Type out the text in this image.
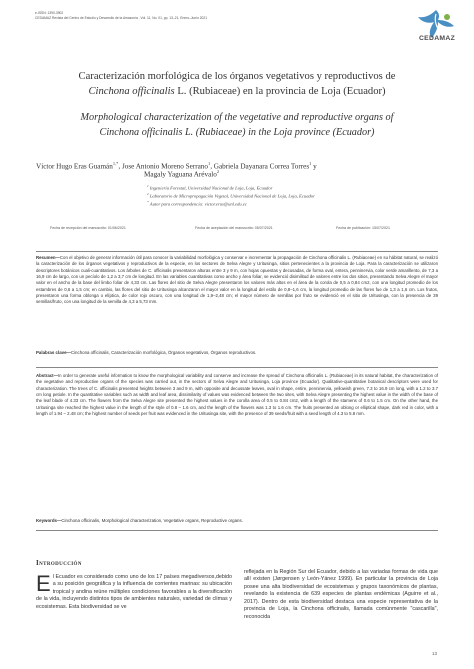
e-ISSN: 1390-3902
CEDAMAZ Revista del Centro de Estudio y Desarrollo de la Amazonía , Vol. 11, No. 01, pp. 13–21, Enero–Junio 2021
CEDAMAZ
Caracterización morfológica de los órganos vegetativos y reproductivos de
Cinchona officinalis L. (Rubiaceae) en la provincia de Loja (Ecuador)
Morphological characterization of the vegetative and reproductive organs of
Cinchona officinalis L. (Rubiaceae) in the Loja province (Ecuador)
Víctor Hugo Eras Guamán$^{1,*}$, Jose Antonio Moreno Serrano$^1$, Gabriela Dayanara Correa Torres$^1$ y
Magaly Yaguana Arévalo$^2$
$^1$ Ingeniería Forestal, Universidad Nacional de Loja, Loja, Ecuador
$^2$ Laboratorio de Micropropagación Vegetal, Universidad Nacional de Loja, Loja, Ecuador
* Autor para correspondencia: victor.eras@unl.edu.ec
Fecha de recepción del manuscrito: 01/06/2021	Fecha de aceptación del manuscrito: 05/07/2021	Fecha de publicación: 15/07/2021
Resumen—Con el objetivo de generar información útil para conocer la variabilidad morfológica y conservar e incrementar la propagación de Cinchona officinalis L. (Rubiaceae) en su hábitat natural, se realizó la caracterización de los órganos vegetativos y reproductivos de la especie, en los sectores de Selva Alegre y Uritusinga, sitios pertenecientes a la provincia de Loja. Para la caracterización se utilizaron descriptores botánicos cuali-cuantitativos. Los árboles de C. officinalis presentaron alturas entre 3 y 9 m, con hojas opuestas y decusadas, de forma oval, entera, penninervia, color verde amarillento, de 7,3 a 16,9 cm de largo, con un pecíolo de 1,2 a 3,7 cm de longitud. En las variables cuantitativas como ancho y área foliar, se evidenció disimilitud de valores entre los dos sitios, presentando Selva Alegre el mayor valor en el ancho de la base del limbo foliar de 4,33 cm. Las flores del sitio de Selva Alegre presentaron los valores más altos en el área de la corola de 0,5 a 0,84 cm2, con una longitud promedio de los estambres de 0,6 a 1,5 cm; en cambio, las flores del sitio de Uritusinga alcanzaron el mayor valor en la longitud del estilo de 0,8–1,6 cm, la longitud promedio de las flores fue de 1,3 a 1,6 cm. Los frutos, presentaron una forma oblonga o elíptica, de color rojo oscuro, con una longitud de 1,9–2,48 cm; el mayor número de semillas por fruto se evidenció en el sitio de Uritusinga, con la presencia de 39 semillas/fruto, con una longitud de la semilla de 4,3 a 5,73 mm.
Palabras clave—Cinchona officinalis, Caracterización morfológica, Órganos vegetativos, Órganos reproductivos.
Abstract—In order to generate useful information to know the morphological variability and conserve and increase the spread of Cinchona officinalis L. (Rubiaceae) in its natural habitat, the characterization of the vegetative and reproductive organs of the species was carried out, in the sectors of Selva Alegre and Uritusinga, Loja province (Ecuador). Qualitative-quantitative botanical descriptors were used for characterization. The trees of C. officinalis presented heights between 3 and 9 m, with opposite and decussate leaves, oval in shape, entire, penninervia, yellowish green, 7.3 to 16.9 cm long, with a 1.2 to 3.7 cm long petiole. In the quantitative variables such as width and leaf area, dissimilarity of values was evidenced between the two sites, with Selva Alegre presenting the highest value in the width of the base of the leaf blade of 4.33 cm. The flowers from the Selva Alegre site presented the highest values in the corolla area of 0.5 to 0.84 cm2, with a length of the stamens of 0.6 to 1.5 cm. On the other hand, the Uritusinga site reached the highest value in the length of the style of 0.8 – 1.6 cm, and the length of the flowers was 1.3 to 1.6 cm. The fruits presented an oblong or elliptical shape, dark red in color, with a length of 1.94 – 2.48 cm; the highest number of seeds per fruit was evidenced in the Uritusinga site, with the presence of 39 seeds/fruit with a seed length of 4.3 to 5.8 mm.
Keywords—Cinchona officinalis, Morphological characterization, Vegetative organs, Reproductive organs.
Introducción
El Ecuador es considerado como uno de los 17 países megadiversos,debido a su posición geográfica y la influencia de corrientes marinas: su ubicación tropical y andina reúne múltiples condiciones favorables a la diversificación de la vida, incluyendo distintos tipos de ambientes naturales, variedad de climas y ecosistemas. Esta biodiversidad se ve
reflejada en la Región Sur del Ecuador, debido a las variadas formas de vida que allí existen (Jørgensen y León-Yánez 1999). En particular la provincia de Loja posee una alta biodiversidad de ecosistemas y grupos taxonómicos de plantas, revelando la existencia de 639 especies de plantas endémicas (Aguirre et al., 2017). Dentro de esta biodiversidad destaca una especie representativa de la provincia de Loja, la Cinchona officinalis, llamada comúnmente "cascarilla", reconocida
13
